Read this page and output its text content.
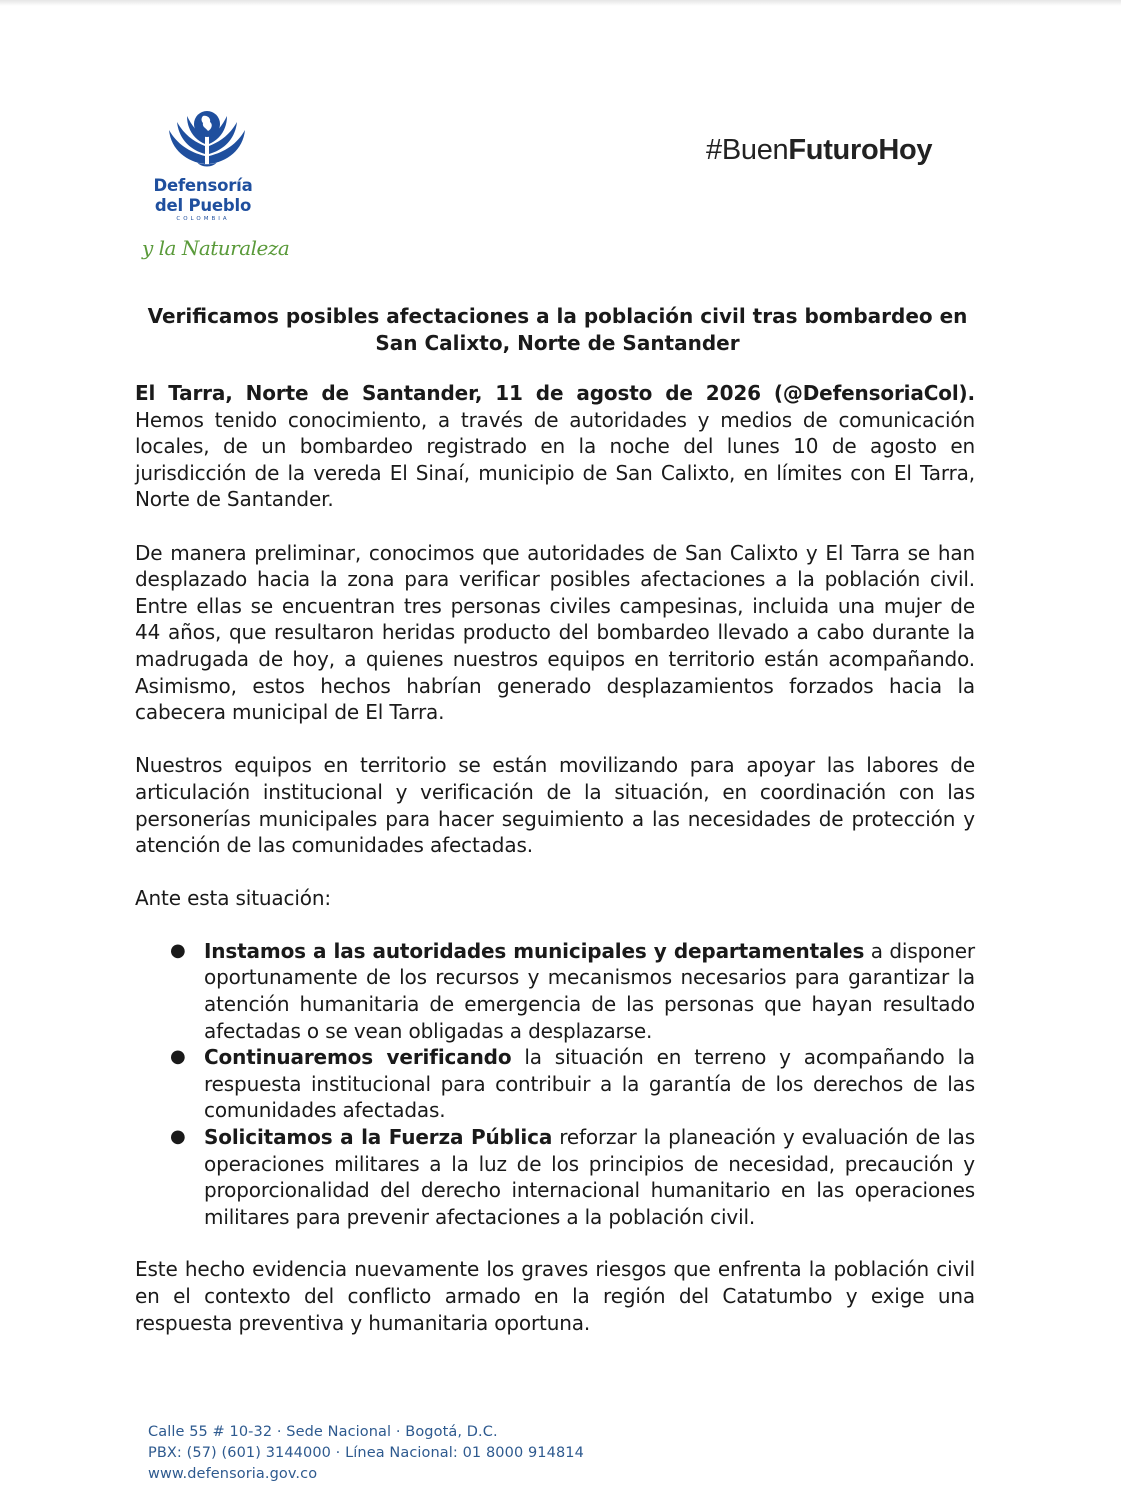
Defensoría
del Pueblo
COLOMBIA
y la Naturaleza
#BuenFuturoHoy
Verificamos posibles afectaciones a la población civil tras bombardeo en San Calixto, Norte de Santander

El Tarra, Norte de Santander, 11 de agosto de 2026 (@DefensoriaCol). Hemos tenido conocimiento, a través de autoridades y medios de comunicación locales, de un bombardeo registrado en la noche del lunes 10 de agosto en jurisdicción de la vereda El Sinaí, municipio de San Calixto, en límites con El Tarra, Norte de Santander.

De manera preliminar, conocimos que autoridades de San Calixto y El Tarra se han desplazado hacia la zona para verificar posibles afectaciones a la población civil. Entre ellas se encuentran tres personas civiles campesinas, incluida una mujer de 44 años, que resultaron heridas producto del bombardeo llevado a cabo durante la madrugada de hoy, a quienes nuestros equipos en territorio están acompañando. Asimismo, estos hechos habrían generado desplazamientos forzados hacia la cabecera municipal de El Tarra.

Nuestros equipos en territorio se están movilizando para apoyar las labores de articulación institucional y verificación de la situación, en coordinación con las personerías municipales para hacer seguimiento a las necesidades de protección y atención de las comunidades afectadas.

Ante esta situación:

● Instamos a las autoridades municipales y departamentales a disponer oportunamente de los recursos y mecanismos necesarios para garantizar la atención humanitaria de emergencia de las personas que hayan resultado afectadas o se vean obligadas a desplazarse.
● Continuaremos verificando la situación en terreno y acompañando la respuesta institucional para contribuir a la garantía de los derechos de las comunidades afectadas.
● Solicitamos a la Fuerza Pública reforzar la planeación y evaluación de las operaciones militares a la luz de los principios de necesidad, precaución y proporcionalidad del derecho internacional humanitario en las operaciones militares para prevenir afectaciones a la población civil.

Este hecho evidencia nuevamente los graves riesgos que enfrenta la población civil en el contexto del conflicto armado en la región del Catatumbo y exige una respuesta preventiva y humanitaria oportuna.

Calle 55 # 10-32 · Sede Nacional · Bogotá, D.C.
PBX: (57) (601) 3144000 · Línea Nacional: 01 8000 914814
www.defensoria.gov.co
